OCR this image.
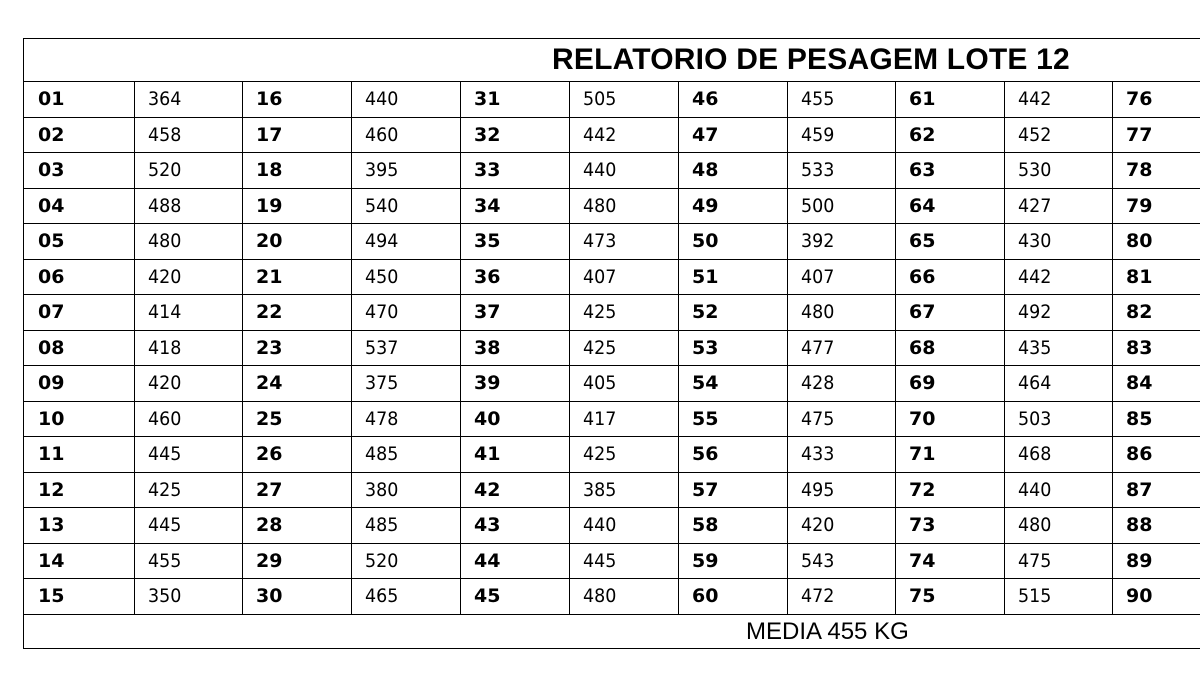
RELATORIO DE PESAGEM LOTE 12
01	364	16	440	31	505	46	455	61	442	76
02	458	17	460	32	442	47	459	62	452	77
03	520	18	395	33	440	48	533	63	530	78
04	488	19	540	34	480	49	500	64	427	79
05	480	20	494	35	473	50	392	65	430	80
06	420	21	450	36	407	51	407	66	442	81
07	414	22	470	37	425	52	480	67	492	82
08	418	23	537	38	425	53	477	68	435	83
09	420	24	375	39	405	54	428	69	464	84
10	460	25	478	40	417	55	475	70	503	85
11	445	26	485	41	425	56	433	71	468	86
12	425	27	380	42	385	57	495	72	440	87
13	445	28	485	43	440	58	420	73	480	88
14	455	29	520	44	445	59	543	74	475	89
15	350	30	465	45	480	60	472	75	515	90
MEDIA 455 KG
